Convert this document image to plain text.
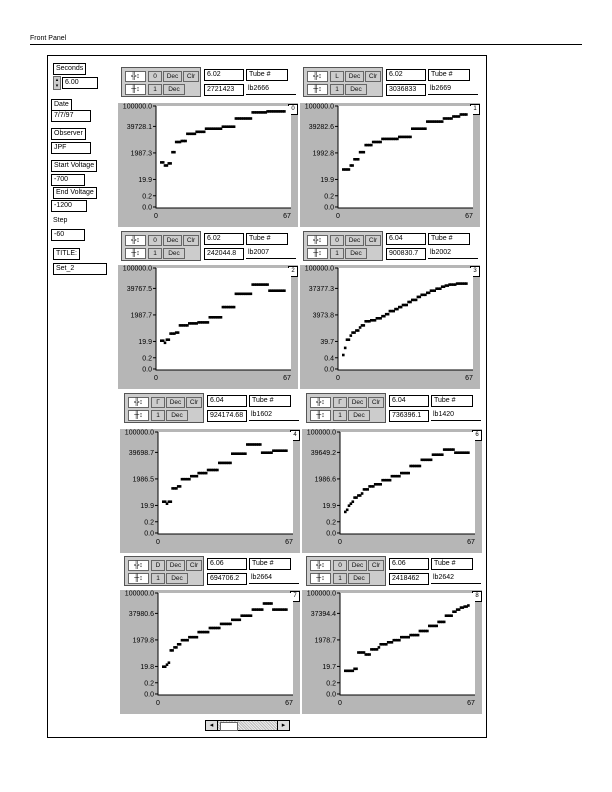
Front Panel
Seconds
▴
▾ 6.00
Date
7/7/97
Observer
JPF
Start Voltage
-700
End Voltage
-1200
Step
-60
TITLE:
Set_2
╬↕
╫↕
0	Dec	Clr
1	Dec
6.02
2721423
Tube #
lb2666
0
100000.0
39728.1
1987.3
19.9
0.2
0.0
0	67
╬↕
╫↕
L	Dec	Clr
1	Dec
6.02
3036833
Tube #
lb2669
1
100000.0
39282.6
1992.8
19.9
0.2
0.0
0	67
╬↕
╫↕
0	Dec	Clr
1	Dec
6.02
242044.8
Tube #
lb2007
2
100000.0
39767.5
1987.7
19.9
0.2
0.0
0	67
╬↕
╫↕
0	Dec	Clr
1	Dec
6.04
900830.7
Tube #
lb2002
3
100000.0
37377.3
3973.8
39.7
0.4
0.0
0	67
╬↕
╫↕
Γ	Dec	Clr
1	Dec
6.04
924174.68
Tube #
lb1602
4
100000.0
39698.7
1986.5
19.9
0.2
0.0
0	67
╬↕
╫↕
Γ	Dec	Clr
1	Dec
6.04
736396.1
Tube #
lb1420
6
100000.0
39649.2
1986.6
19.9
0.2
0.0
0	67
╬↕
╫↕
D	Dec	Clr
1	Dec
6.06
694706.2
Tube #
lb2664
7
100000.0
37980.6
1979.8
19.8
0.2
0.0
0	67
╬↕
╫↕
0	Dec	Clr
1	Dec
6.06
2418462
Tube #
lb2642
8
100000.0
37394.4
1978.7
19.7
0.2
0.0
0	67
◂	▸
